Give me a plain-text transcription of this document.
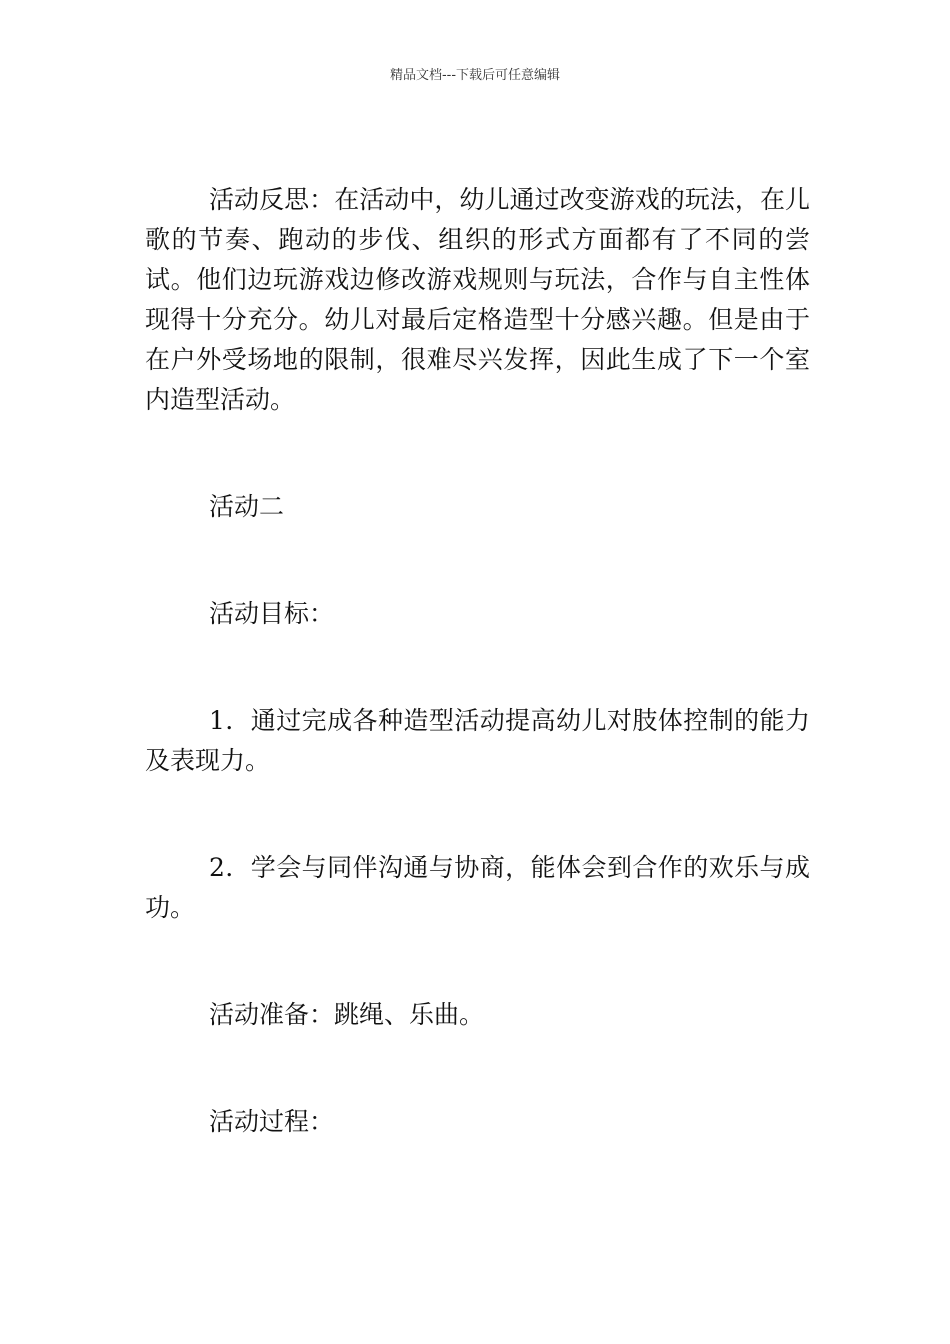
精品文档---下载后可任意编辑

活动反思：在活动中，幼儿通过改变游戏的玩法，在儿歌的节奏、跑动的步伐、组织的形式方面都有了不同的尝试。他们边玩游戏边修改游戏规则与玩法，合作与自主性体现得十分充分。幼儿对最后定格造型十分感兴趣。但是由于在户外受场地的限制，很难尽兴发挥，因此生成了下一个室内造型活动。

活动二

活动目标：

1．通过完成各种造型活动提高幼儿对肢体控制的能力及表现力。

2．学会与同伴沟通与协商，能体会到合作的欢乐与成功。

活动准备：跳绳、乐曲。

活动过程：
